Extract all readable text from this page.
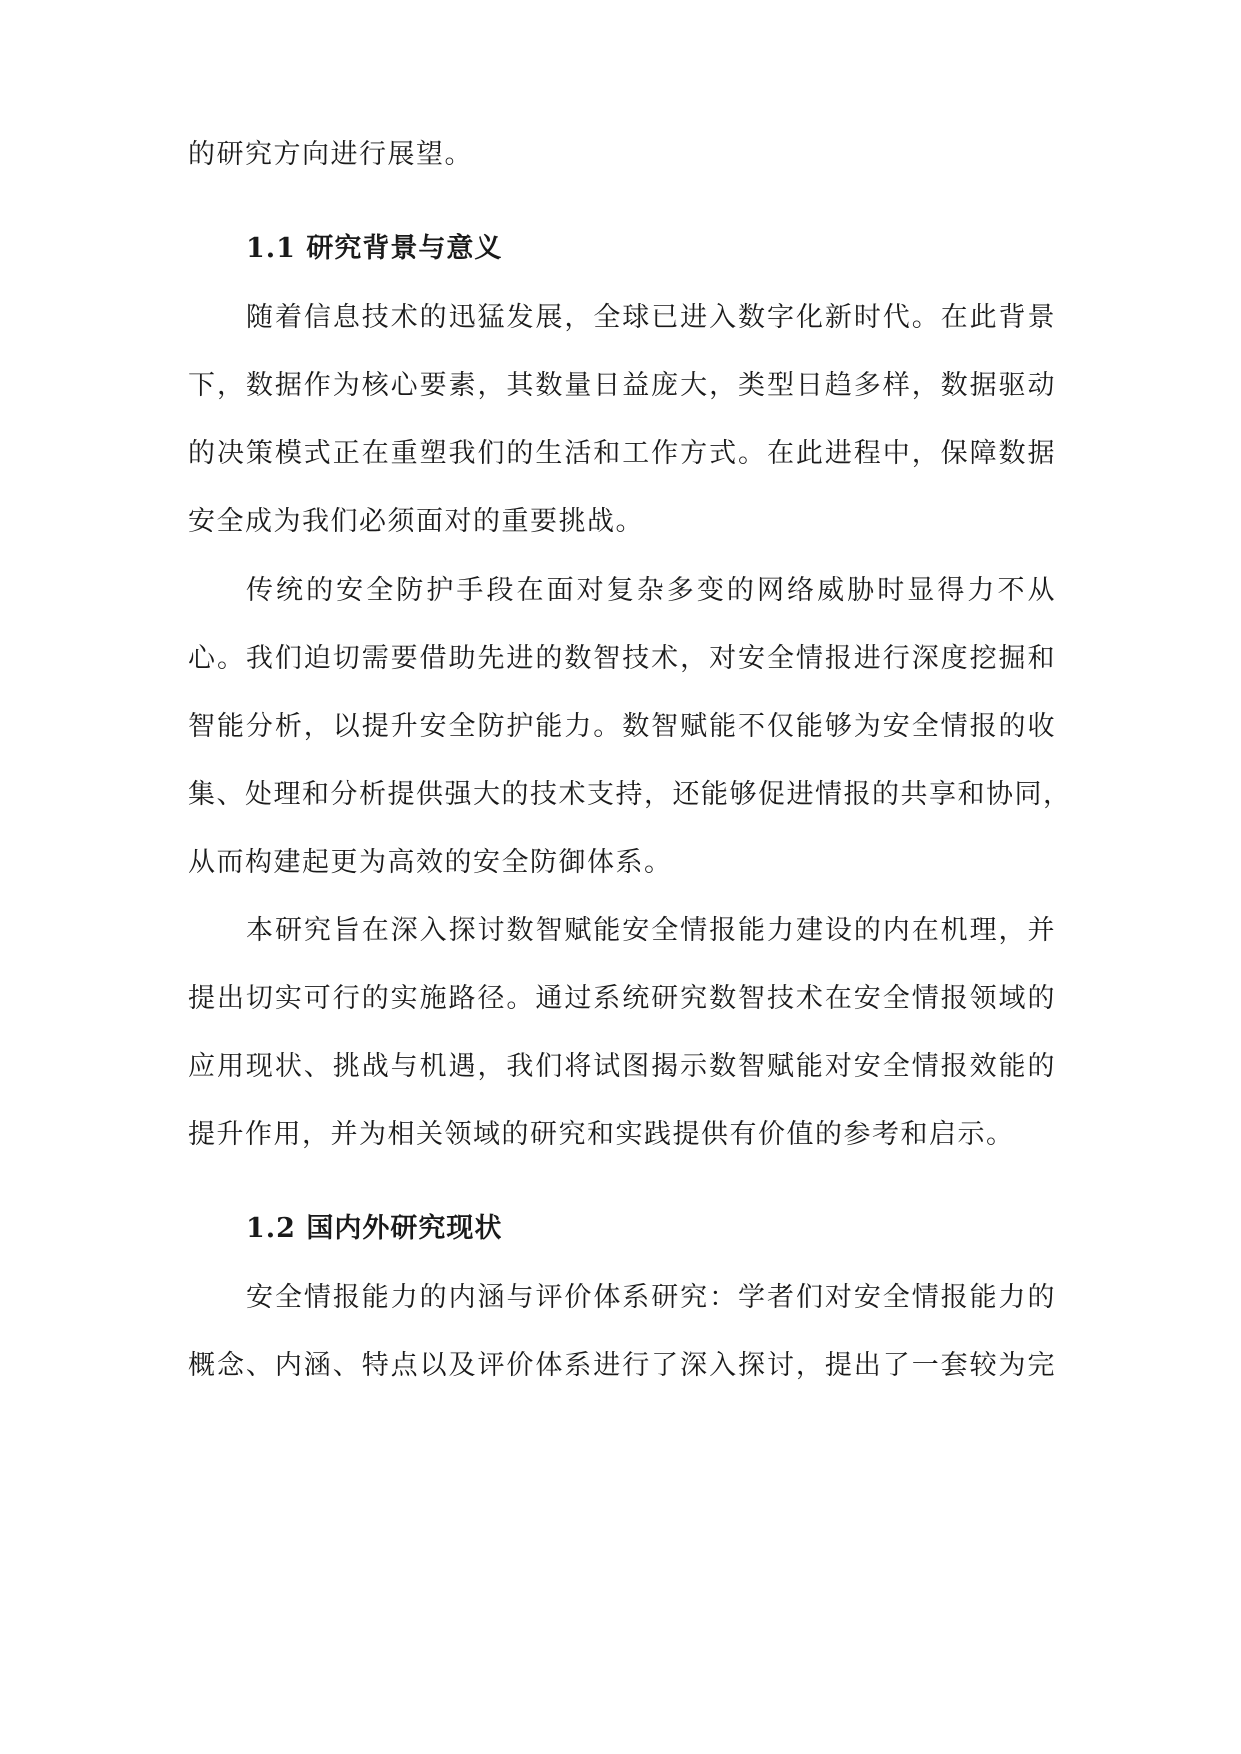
的研究方向进行展望。
1.1 研究背景与意义
随着信息技术的迅猛发展，全球已进入数字化新时代。在此背景
下，数据作为核心要素，其数量日益庞大，类型日趋多样，数据驱动
的决策模式正在重塑我们的生活和工作方式。在此进程中，保障数据
安全成为我们必须面对的重要挑战。
传统的安全防护手段在面对复杂多变的网络威胁时显得力不从
心。我们迫切需要借助先进的数智技术，对安全情报进行深度挖掘和
智能分析，以提升安全防护能力。数智赋能不仅能够为安全情报的收
集、处理和分析提供强大的技术支持，还能够促进情报的共享和协同，
从而构建起更为高效的安全防御体系。
本研究旨在深入探讨数智赋能安全情报能力建设的内在机理，并
提出切实可行的实施路径。通过系统研究数智技术在安全情报领域的
应用现状、挑战与机遇，我们将试图揭示数智赋能对安全情报效能的
提升作用，并为相关领域的研究和实践提供有价值的参考和启示。
1.2 国内外研究现状
安全情报能力的内涵与评价体系研究：学者们对安全情报能力的
概念、内涵、特点以及评价体系进行了深入探讨，提出了一套较为完
